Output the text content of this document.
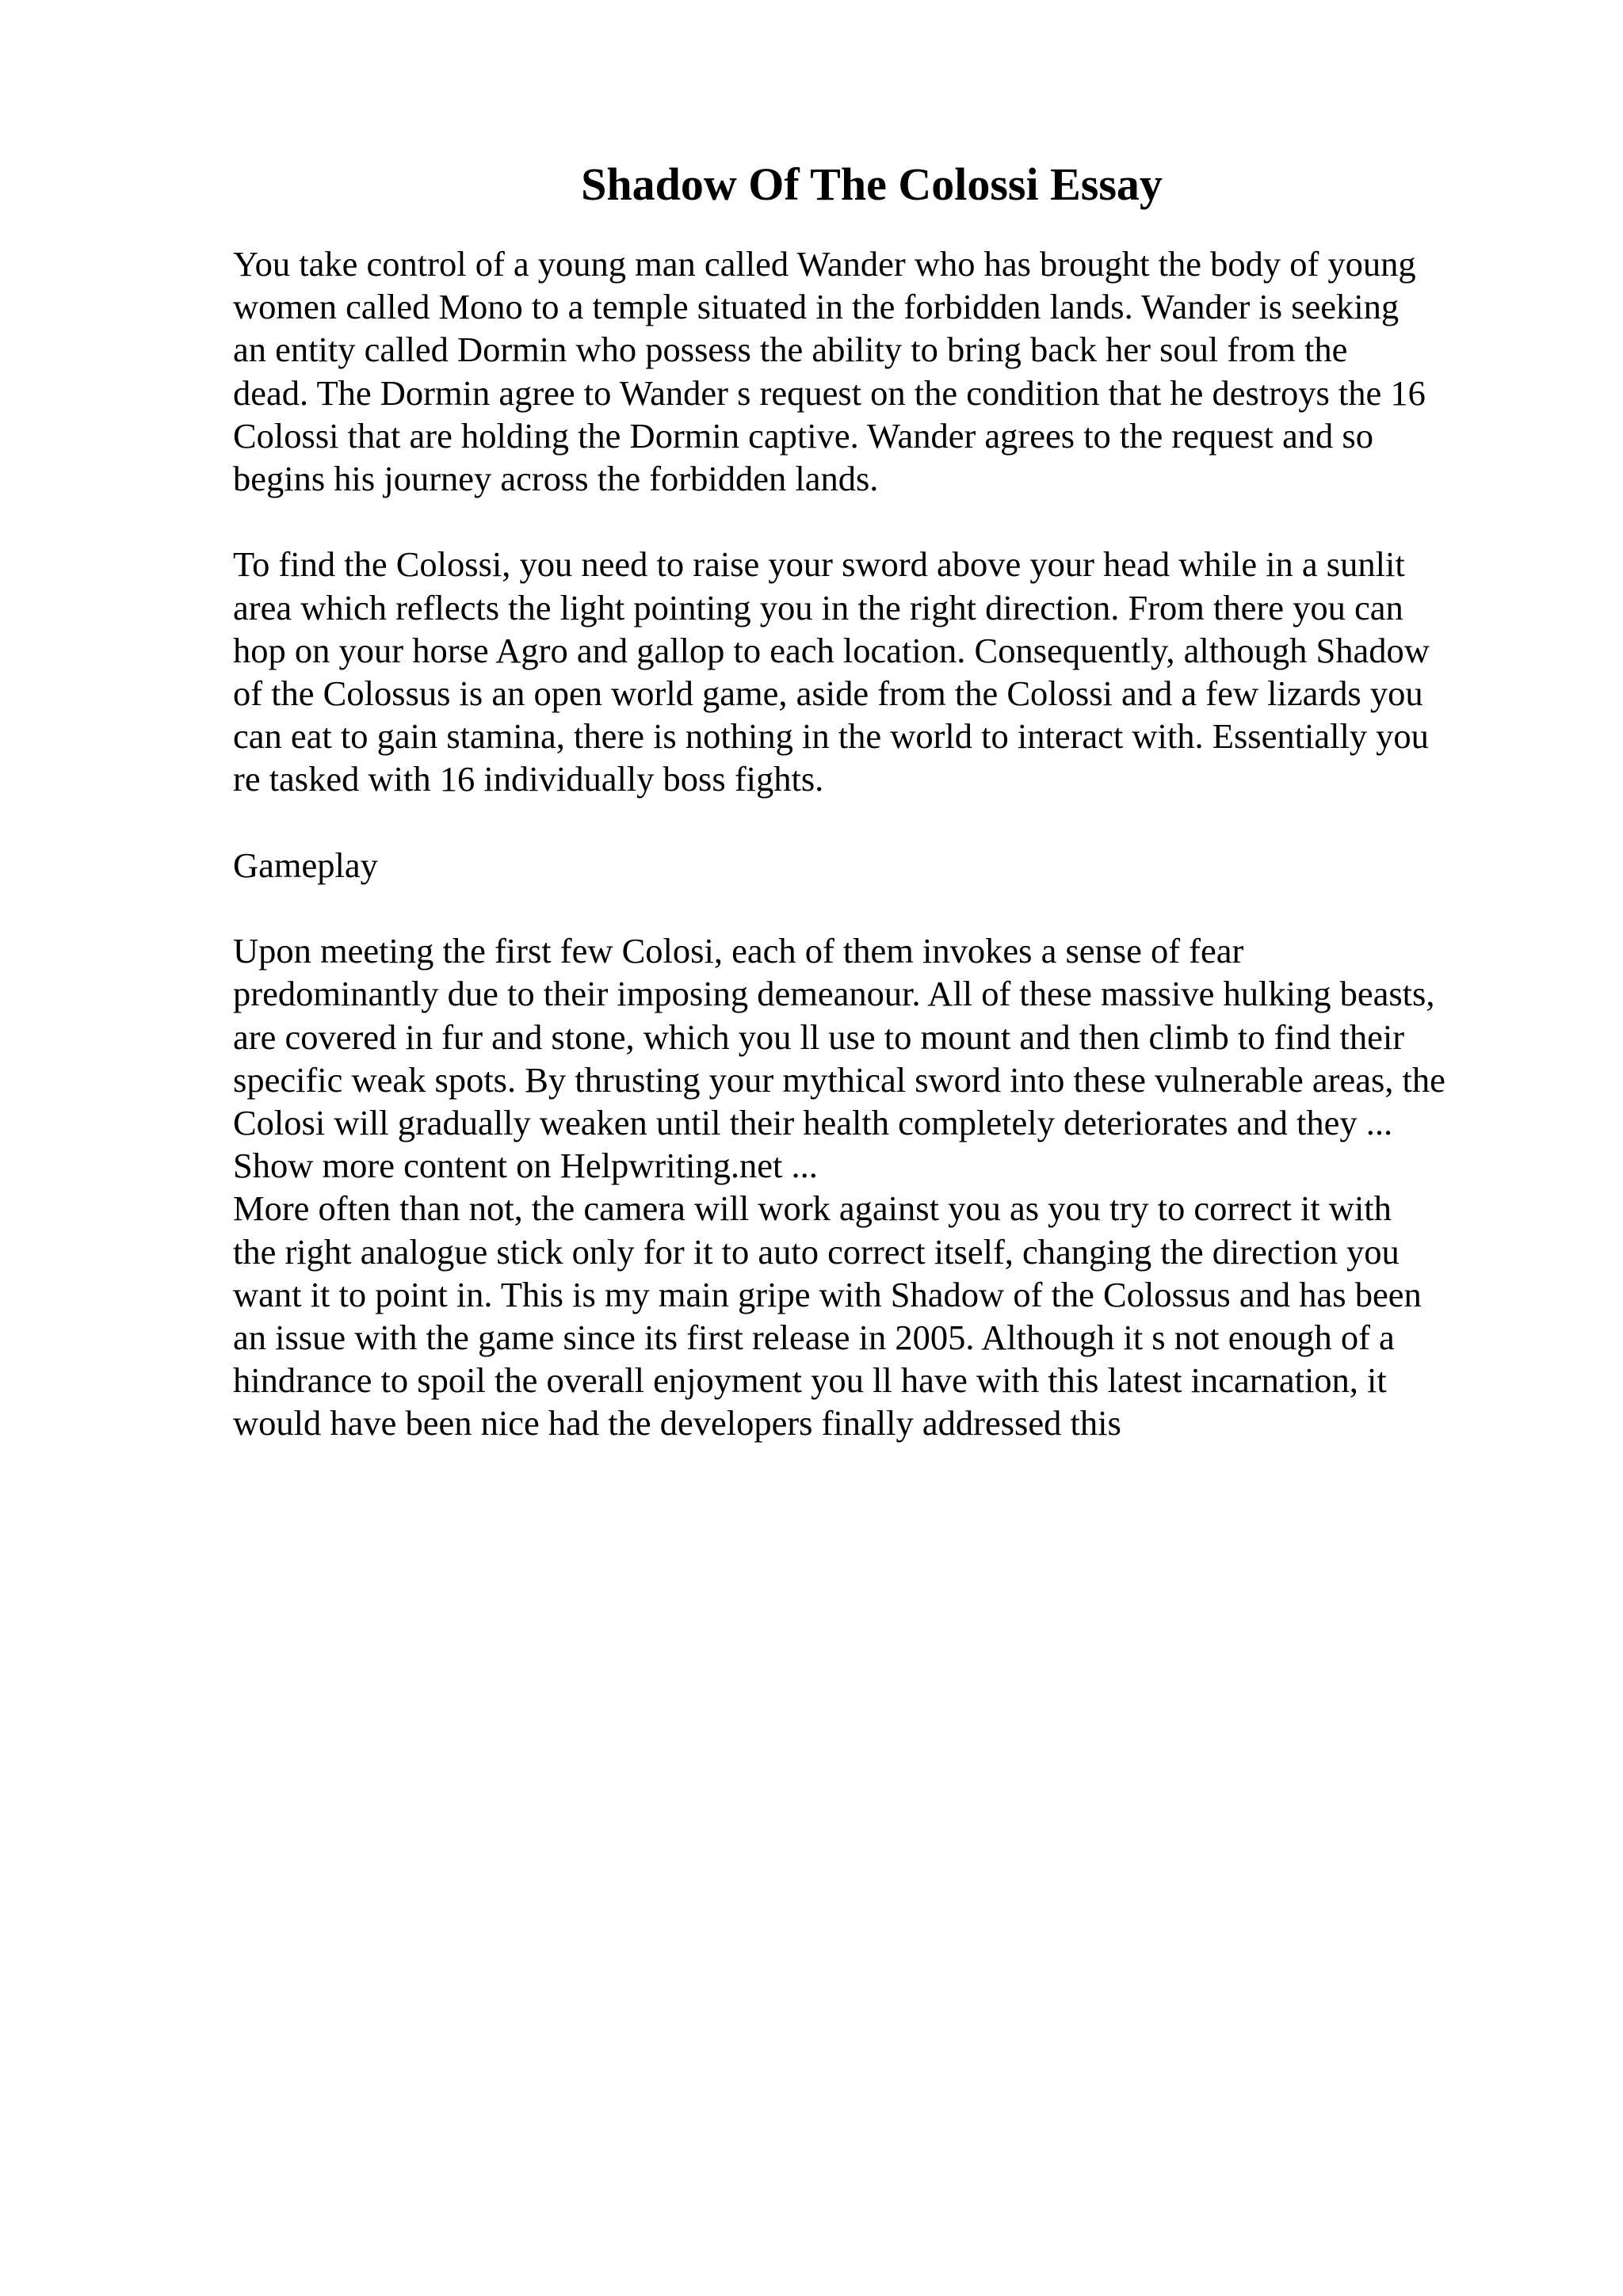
Shadow Of The Colossi Essay

You take control of a young man called Wander who has brought the body of young

women called Mono to a temple situated in the forbidden lands. Wander is seeking

an entity called Dormin who possess the ability to bring back her soul from the

dead. The Dormin agree to Wander s request on the condition that he destroys the 16

Colossi that are holding the Dormin captive. Wander agrees to the request and so

begins his journey across the forbidden lands.

To find the Colossi, you need to raise your sword above your head while in a sunlit

area which reflects the light pointing you in the right direction. From there you can

hop on your horse Agro and gallop to each location. Consequently, although Shadow

of the Colossus is an open world game, aside from the Colossi and a few lizards you

can eat to gain stamina, there is nothing in the world to interact with. Essentially you

re tasked with 16 individually boss fights.

Gameplay

Upon meeting the first few Colosi, each of them invokes a sense of fear

predominantly due to their imposing demeanour. All of these massive hulking beasts,

are covered in fur and stone, which you ll use to mount and then climb to find their

specific weak spots. By thrusting your mythical sword into these vulnerable areas, the

Colosi will gradually weaken until their health completely deteriorates and they ...

Show more content on Helpwriting.net ...

More often than not, the camera will work against you as you try to correct it with

the right analogue stick only for it to auto correct itself, changing the direction you

want it to point in. This is my main gripe with Shadow of the Colossus and has been

an issue with the game since its first release in 2005. Although it s not enough of a

hindrance to spoil the overall enjoyment you ll have with this latest incarnation, it

would have been nice had the developers finally addressed this
